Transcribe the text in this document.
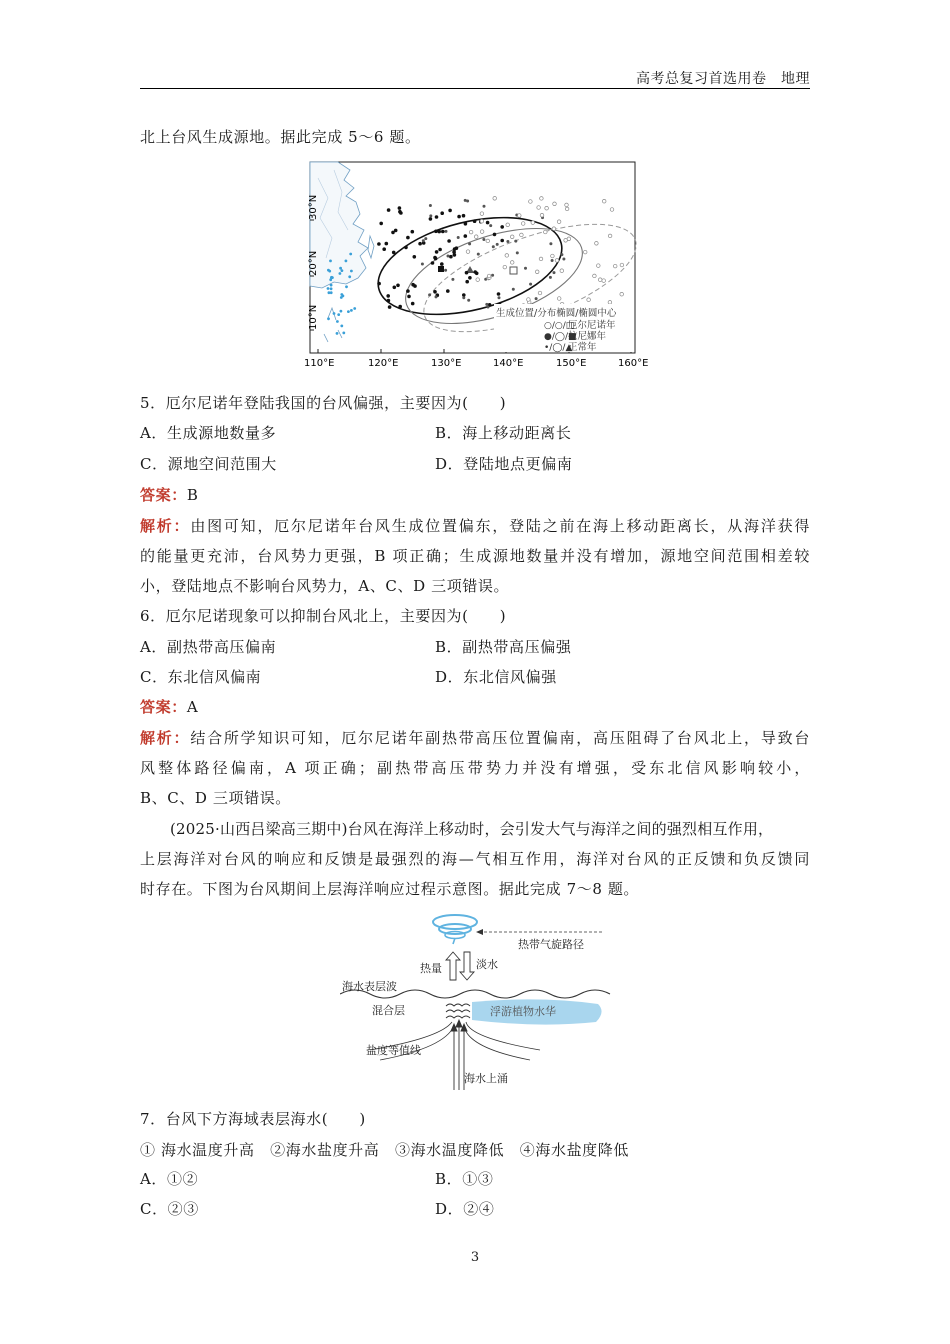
高考总复习首选用卷　地理
北上台风生成源地。据此完成 5～6 题。
30°N
20°N
10°N
110°E	120°E	130°E	140°E	150°E	160°E
生成位置/分布椭圆/椭圆中心
○/○/□
厄尔尼诺年
●/◯/■
拉尼娜年
•/◯/▲
正常年
5．厄尔尼诺年登陆我国的台风偏强，主要因为(　　)
A．生成源地数量多	B．海上移动距离长
C．源地空间范围大	D．登陆地点更偏南
答案：B
解析：由图可知，厄尔尼诺年台风生成位置偏东，登陆之前在海上移动距离长，从海洋获得
的能量更充沛，台风势力更强，B 项正确；生成源地数量并没有增加，源地空间范围相差较
小，登陆地点不影响台风势力，A、C、D 三项错误。
6．厄尔尼诺现象可以抑制台风北上，主要因为(　　)
A．副热带高压偏南	B．副热带高压偏强
C．东北信风偏南	D．东北信风偏强
答案：A
解析：结合所学知识可知，厄尔尼诺年副热带高压位置偏南，高压阻碍了台风北上，导致台
风整体路径偏南，A 项正确；副热带高压带势力并没有增强，受东北信风影响较小，
B、C、D 三项错误。
(2025·山西吕梁高三期中)台风在海洋上移动时，会引发大气与海洋之间的强烈相互作用，
上层海洋对台风的响应和反馈是最强烈的海—气相互作用，海洋对台风的正反馈和负反馈同
时存在。下图为台风期间上层海洋响应过程示意图。据此完成 7～8 题。
热带气旋路径
热量	淡水
海水表层波
浮游植物水华
混合层
盐度等值线
海水上涌
7．台风下方海域表层海水(　　)
① 海水温度升高　②海水盐度升高　③海水温度降低　④海水盐度降低
A．①②	B．①③
C．②③	D．②④
3
